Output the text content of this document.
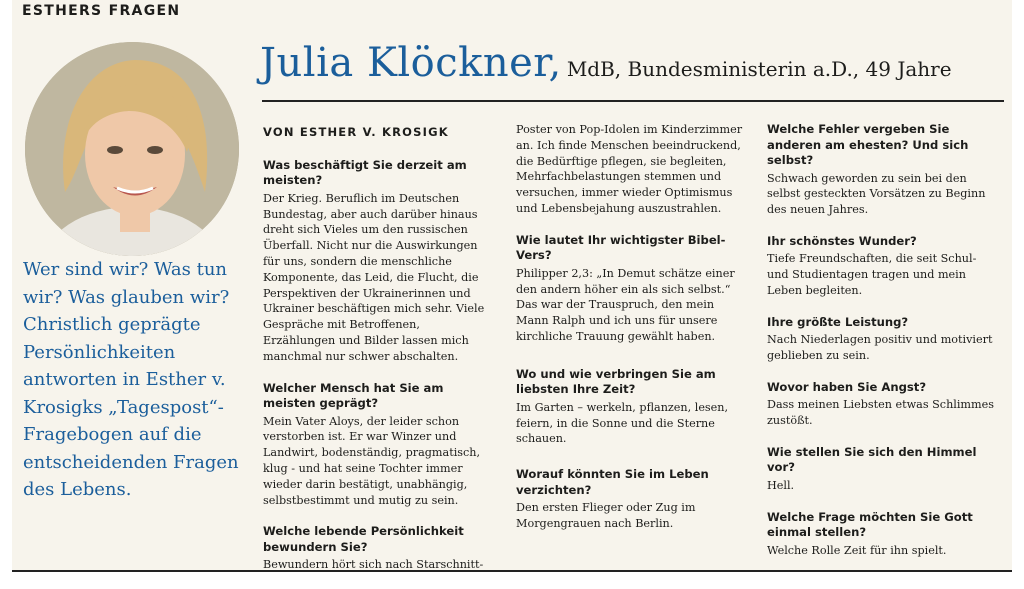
ESTHERS FRAGEN
Julia Klöckner, MdB, Bundesministerin a.D., 49 Jahre
Wer sind wir? Was tun wir? Was glauben wir? Christlich geprägte Persönlichkeiten antworten in Esther v. Krosigks „Tagespost“-Fragebogen auf die entscheidenden Fragen des Lebens.
VON ESTHER V. KROSIGK
Was beschäftigt Sie derzeit am meisten?
Der Krieg. Beruflich im Deutschen Bundestag, aber auch darüber hinaus dreht sich Vieles um den russischen Überfall. Nicht nur die Auswirkungen für uns, sondern die menschliche Komponente, das Leid, die Flucht, die Perspektiven der Ukrainerinnen und Ukrainer beschäftigen mich sehr. Viele Gespräche mit Betroffenen, Erzählungen und Bilder lassen mich manchmal nur schwer abschalten.
Welcher Mensch hat Sie am meisten geprägt?
Mein Vater Aloys, der leider schon verstorben ist. Er war Winzer und Landwirt, bodenständig, pragmatisch, klug - und hat seine Tochter immer wieder darin bestätigt, unabhängig, selbstbestimmt und mutig zu sein.
Welche lebende Persönlichkeit bewundern Sie?
Bewundern hört sich nach Starschnitt-
Poster von Pop-Idolen im Kinderzimmer an. Ich finde Menschen beeindruckend, die Bedürftige pflegen, sie begleiten, Mehrfachbelastungen stemmen und versuchen, immer wieder Optimismus und Lebensbejahung auszustrahlen.
Wie lautet Ihr wichtigster Bibel-Vers?
Philipper 2,3: „In Demut schätze einer den andern höher ein als sich selbst.“ Das war der Trauspruch, den mein Mann Ralph und ich uns für unsere kirchliche Trauung gewählt haben.
Wo und wie verbringen Sie am liebsten Ihre Zeit?
Im Garten – werkeln, pflanzen, lesen, feiern, in die Sonne und die Sterne schauen.
Worauf könnten Sie im Leben verzichten?
Den ersten Flieger oder Zug im Morgengrauen nach Berlin.
Welche Fehler vergeben Sie anderen am ehesten? Und sich selbst?
Schwach geworden zu sein bei den selbst gesteckten Vorsätzen zu Beginn des neuen Jahres.
Ihr schönstes Wunder?
Tiefe Freundschaften, die seit Schul- und Studientagen tragen und mein Leben begleiten.
Ihre größte Leistung?
Nach Niederlagen positiv und motiviert geblieben zu sein.
Wovor haben Sie Angst?
Dass meinen Liebsten etwas Schlimmes zustößt.
Wie stellen Sie sich den Himmel vor?
Hell.
Welche Frage möchten Sie Gott einmal stellen?
Welche Rolle Zeit für ihn spielt.
